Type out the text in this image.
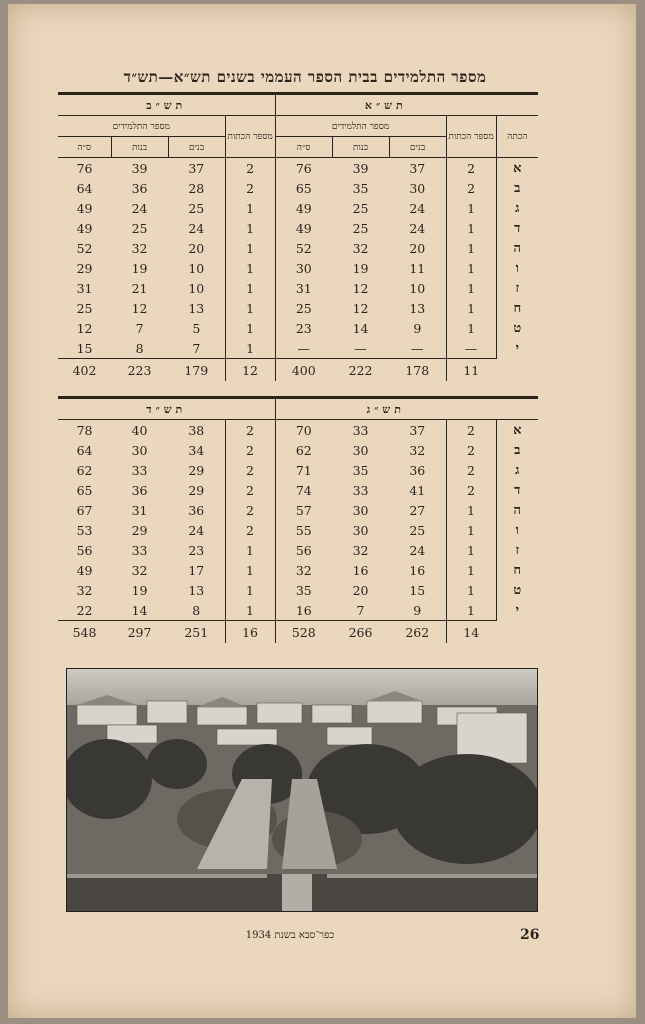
מספר התלמידים בבית הספר העממי בשנים תש״א—תש״ד
	תש״א				תש״ב			
הכתה	מספר הכתות	מספר התלמידים			מספר הכתות	מספר התלמידים		
		בנים	בנות	ס״ה		בנים	בנות	ס״ה
א	2	37	39	76	2	37	39	76
ב	2	30	35	65	2	28	36	64
ג	1	24	25	49	1	25	24	49
ד	1	24	25	49	1	24	25	49
ה	1	20	32	52	1	20	32	52
ו	1	11	19	30	1	10	19	29
ז	1	10	12	31	1	10	21	31
ח	1	13	12	25	1	13	12	25
ט	1	9	14	23	1	5	7	12
י	—	—	—	—	1	7	8	15
	11	178	222	400	12	179	223	402
	תש״ג				תש״ד			
א	2	37	33	70	2	38	40	78
ב	2	32	30	62	2	34	30	64
ג	2	36	35	71	2	29	33	62
ד	2	41	33	74	2	29	36	65
ה	1	27	30	57	2	36	31	67
ו	1	25	30	55	2	24	29	53
ז	1	24	32	56	1	23	33	56
ח	1	16	16	32	1	17	32	49
ט	1	15	20	35	1	13	19	32
י	1	9	7	16	1	8	14	22
	14	262	266	528	16	251	297	548
כפר־סבא בשנת 1934	26
